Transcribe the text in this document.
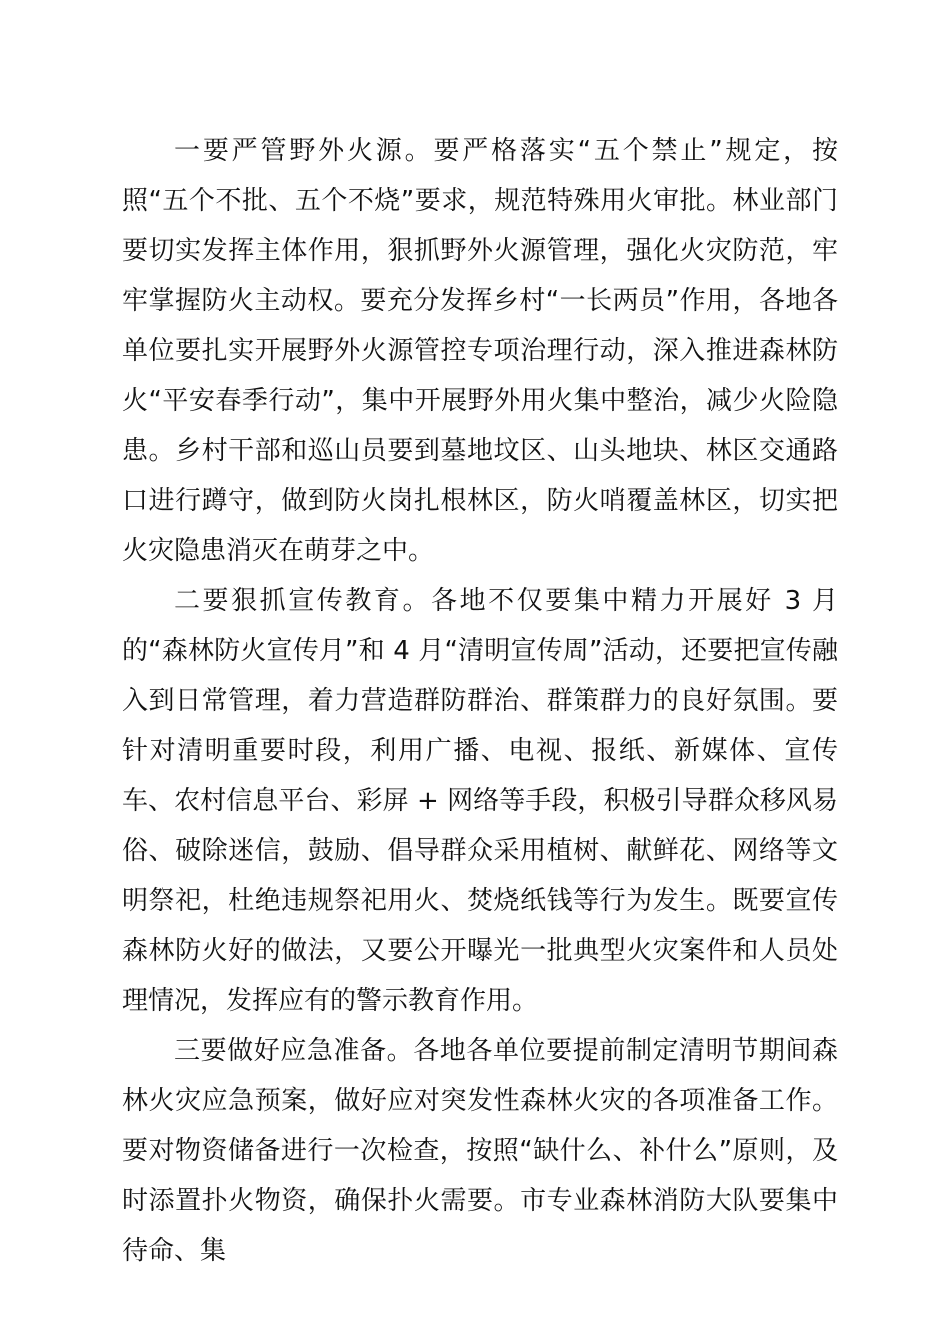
一要严管野外火源。要严格落实“五个禁止”规定，按照“五个不批、五个不烧”要求，规范特殊用火审批。林业部门要切实发挥主体作用，狠抓野外火源管理，强化火灾防范，牢牢掌握防火主动权。要充分发挥乡村“一长两员”作用，各地各单位要扎实开展野外火源管控专项治理行动，深入推进森林防火“平安春季行动”，集中开展野外用火集中整治，减少火险隐患。乡村干部和巡山员要到墓地坟区、山头地块、林区交通路口进行蹲守，做到防火岗扎根林区，防火哨覆盖林区，切实把火灾隐患消灭在萌芽之中。

二要狠抓宣传教育。各地不仅要集中精力开展好 3 月的“森林防火宣传月”和 4 月“清明宣传周”活动，还要把宣传融入到日常管理，着力营造群防群治、群策群力的良好氛围。要针对清明重要时段，利用广播、电视、报纸、新媒体、宣传车、农村信息平台、彩屏 + 网络等手段，积极引导群众移风易俗、破除迷信，鼓励、倡导群众采用植树、献鲜花、网络等文明祭祀，杜绝违规祭祀用火、焚烧纸钱等行为发生。既要宣传森林防火好的做法，又要公开曝光一批典型火灾案件和人员处理情况，发挥应有的警示教育作用。

三要做好应急准备。各地各单位要提前制定清明节期间森林火灾应急预案，做好应对突发性森林火灾的各项准备工作。要对物资储备进行一次检查，按照“缺什么、补什么”原则，及时添置扑火物资，确保扑火需要。市专业森林消防大队要集中待命、集
